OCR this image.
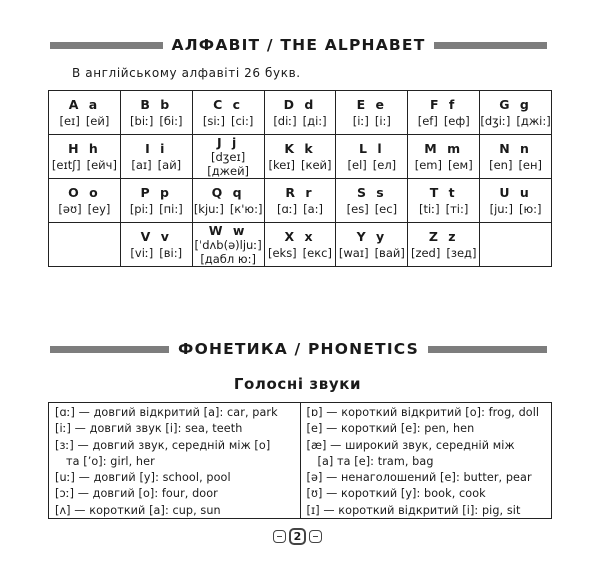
АЛФАВІТ / THE ALPHABET
В англійському алфавіті 26 букв.
A a
[eɪ] [ей]
B b
[biː] [бі:]
C c
[siː] [сі:]
D d
[diː] [ді:]
E e
[iː] [і:]
F f
[ef] [еф]
G g
[dʒiː] [джі:]
H h
[eɪtʃ] [ейч]
I i
[aɪ] [ай]
J j
[dʒeɪ]
[джей]
K k
[keɪ] [кей]
L l
[el] [ел]
M m
[em] [ем]
N n
[en] [ен]
O o
[əʊ] [еу]
P p
[piː] [пі:]
Q q
[kjuː] [к'ю:]
R r
[ɑː] [а:]
S s
[es] [ес]
T t
[tiː] [ті:]
U u
[juː] [ю:]
V v
[viː] [ві:]
W w
[ˈdʌb(ə)ljuː]
[дабл ю:]
X x
[eks] [екс]
Y y
[waɪ] [вай]
Z z
[zed] [зед]
ФОНЕТИКА / PHONETICS
Голосні звуки
[ɑː] — довгий відкритий [а]: car, park
[iː] — довгий звук [і]: sea, teeth
[ɜː] — довгий звук, середній між [о]
та [’о]: girl, her
[uː] — довгий [у]: school, pool
[ɔː] — довгий [о]: four, door
[ʌ] — короткий [а]: cup, sun
[ɒ] — короткий відкритий [о]: frog, doll
[e] — короткий [е]: pen, hen
[æ] — широкий звук, середній між
[а] та [е]: tram, bag
[ə] — ненаголошений [е]: butter, pear
[ʊ] — короткий [у]: book, cook
[ɪ] — короткий відкритий [і]: pig, sit
2
